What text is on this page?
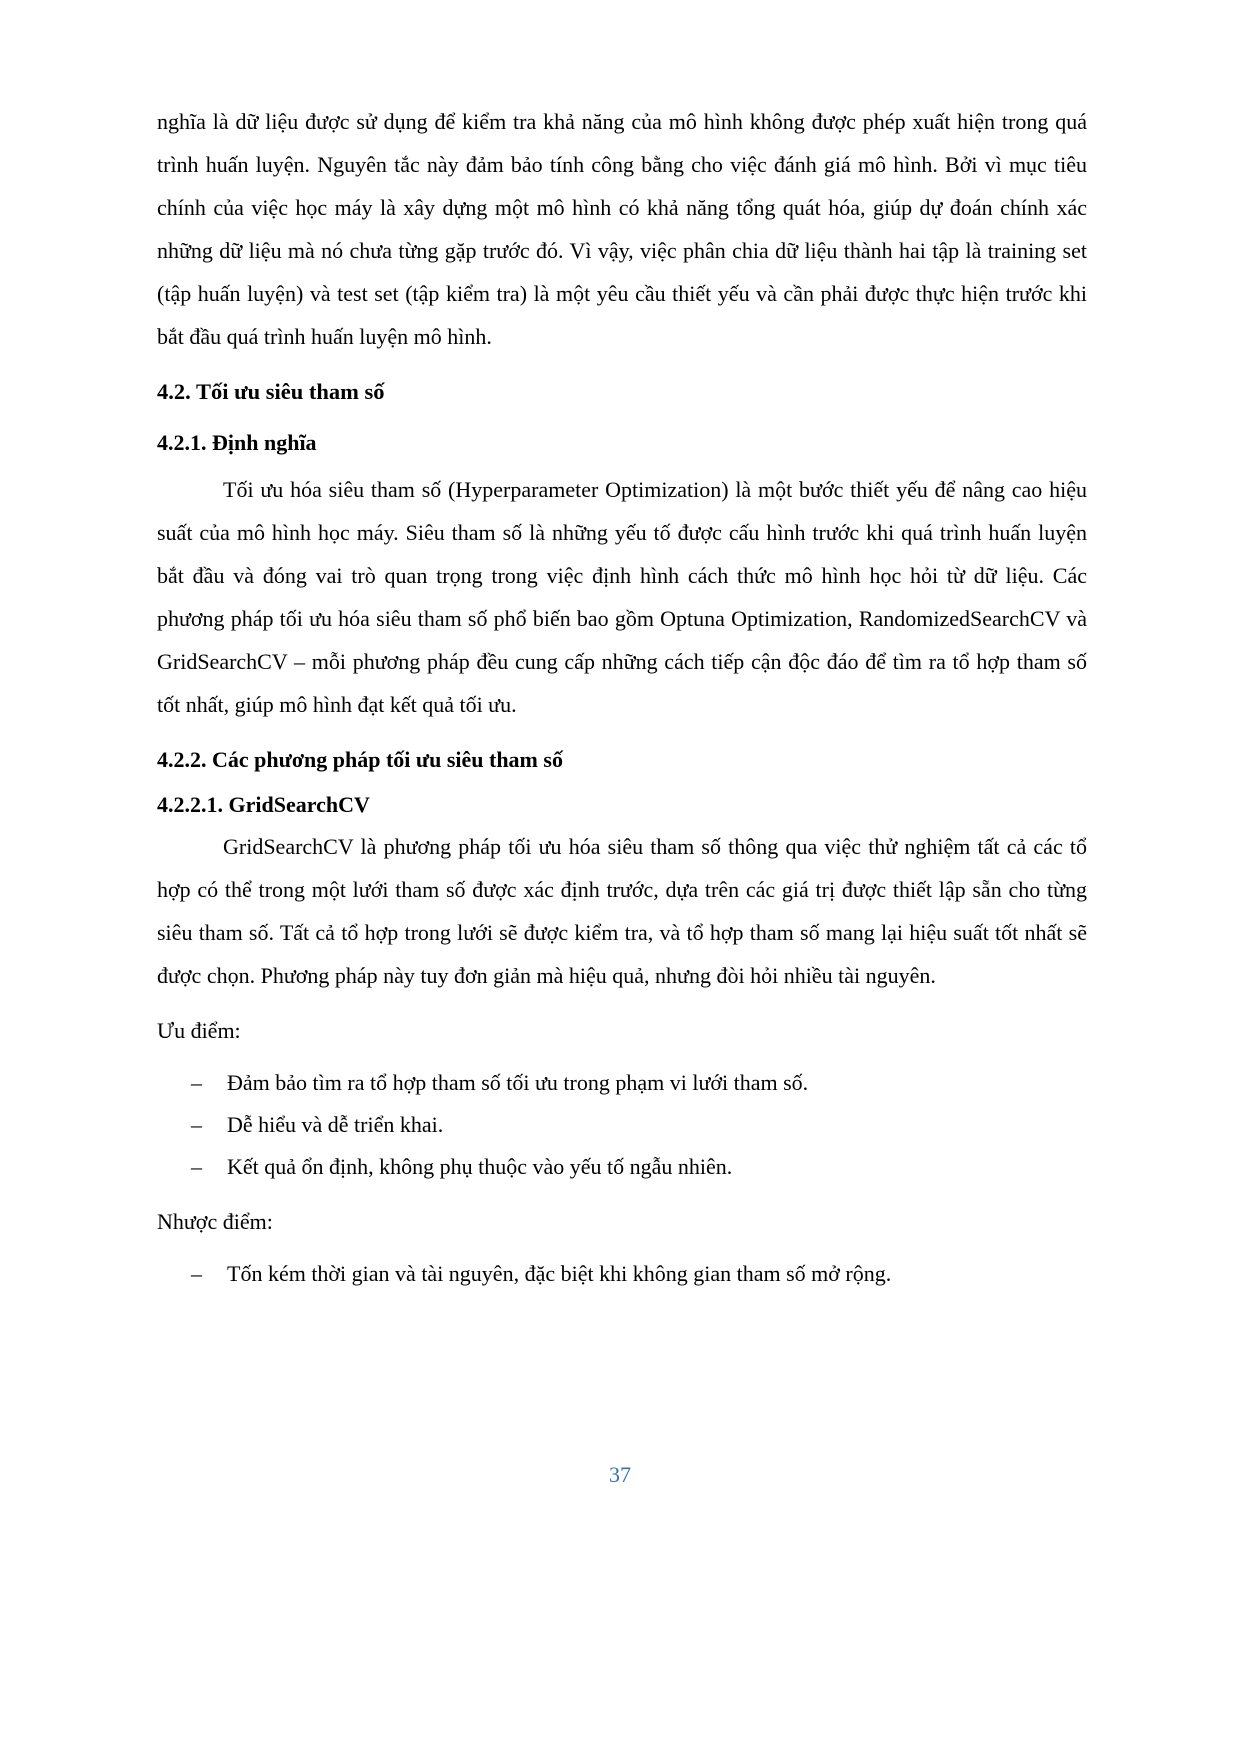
nghĩa là dữ liệu được sử dụng để kiểm tra khả năng của mô hình không được phép xuất hiện trong quá trình huấn luyện. Nguyên tắc này đảm bảo tính công bằng cho việc đánh giá mô hình. Bởi vì mục tiêu chính của việc học máy là xây dựng một mô hình có khả năng tổng quát hóa, giúp dự đoán chính xác những dữ liệu mà nó chưa từng gặp trước đó. Vì vậy, việc phân chia dữ liệu thành hai tập là training set (tập huấn luyện) và test set (tập kiểm tra) là một yêu cầu thiết yếu và cần phải được thực hiện trước khi bắt đầu quá trình huấn luyện mô hình.

4.2. Tối ưu siêu tham số
4.2.1. Định nghĩa

Tối ưu hóa siêu tham số (Hyperparameter Optimization) là một bước thiết yếu để nâng cao hiệu suất của mô hình học máy. Siêu tham số là những yếu tố được cấu hình trước khi quá trình huấn luyện bắt đầu và đóng vai trò quan trọng trong việc định hình cách thức mô hình học hỏi từ dữ liệu. Các phương pháp tối ưu hóa siêu tham số phổ biến bao gồm Optuna Optimization, RandomizedSearchCV và GridSearchCV – mỗi phương pháp đều cung cấp những cách tiếp cận độc đáo để tìm ra tổ hợp tham số tốt nhất, giúp mô hình đạt kết quả tối ưu.

4.2.2. Các phương pháp tối ưu siêu tham số
4.2.2.1. GridSearchCV

GridSearchCV là phương pháp tối ưu hóa siêu tham số thông qua việc thử nghiệm tất cả các tổ hợp có thể trong một lưới tham số được xác định trước, dựa trên các giá trị được thiết lập sẵn cho từng siêu tham số. Tất cả tổ hợp trong lưới sẽ được kiểm tra, và tổ hợp tham số mang lại hiệu suất tốt nhất sẽ được chọn. Phương pháp này tuy đơn giản mà hiệu quả, nhưng đòi hỏi nhiều tài nguyên.

Ưu điểm:

– Đảm bảo tìm ra tổ hợp tham số tối ưu trong phạm vi lưới tham số.
– Dễ hiểu và dễ triển khai.
– Kết quả ổn định, không phụ thuộc vào yếu tố ngẫu nhiên.

Nhược điểm:

– Tốn kém thời gian và tài nguyên, đặc biệt khi không gian tham số mở rộng.
37
